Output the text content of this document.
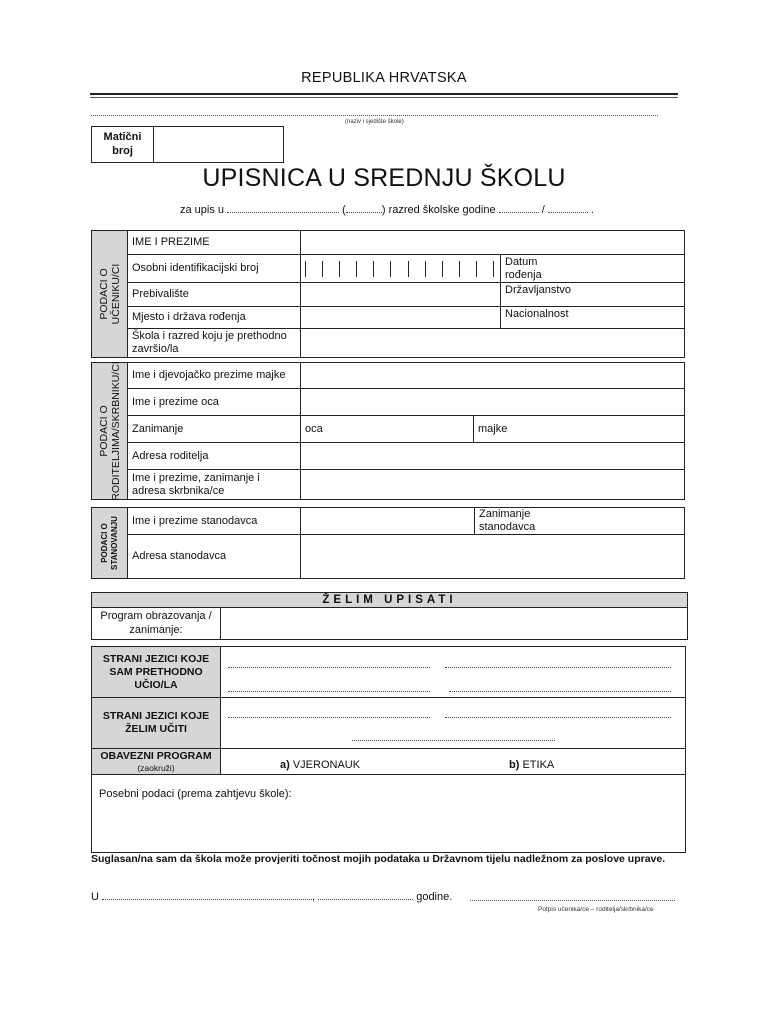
REPUBLIKA HRVATSKA
(naziv i sjedište škole)
Matični broj
UPISNICA U SREDNJU ŠKOLU
za upis u	(	) razred školske godine	/	.
PODACI O
UČENIKU/CI	IME I PREZIME		
	Osobni identifikacijski broj		Datum rođenja
	Prebivalište		Državljanstvo
	Mjesto i država rođenja		Nacionalnost
	Škola i razred koju je prethodno završio/la		
PODACI O
RODITELJIMA/SKRBNIKU/CI	Ime i djevojačko prezime majke		
	Ime i prezime oca		
	Zanimanje	oca	majke
	Adresa roditelja		
	Ime i prezime, zanimanje i adresa skrbnika/ce		
PODACI O
STANOVANJU	Ime i prezime stanodavca		Zanimanje stanodavca
	Adresa stanodavca		
ŽELIM UPISATI
Program obrazovanja / zanimanje:
STRANI JEZICI KOJE SAM PRETHODNO UČIO/LA
STRANI JEZICI KOJE ŽELIM UČITI
OBAVEZNI PROGRAM
(zaokruži)	a) VJERONAUK	b) ETIKA
Posebni podaci (prema zahtjevu škole):
Suglasan/na sam da škola može provjeriti točnost mojih podataka u Državnom tijelu nadležnom za poslove uprave.
U	,	godine.
Potpis učenika/ce – roditelja/skrbnika/ce
